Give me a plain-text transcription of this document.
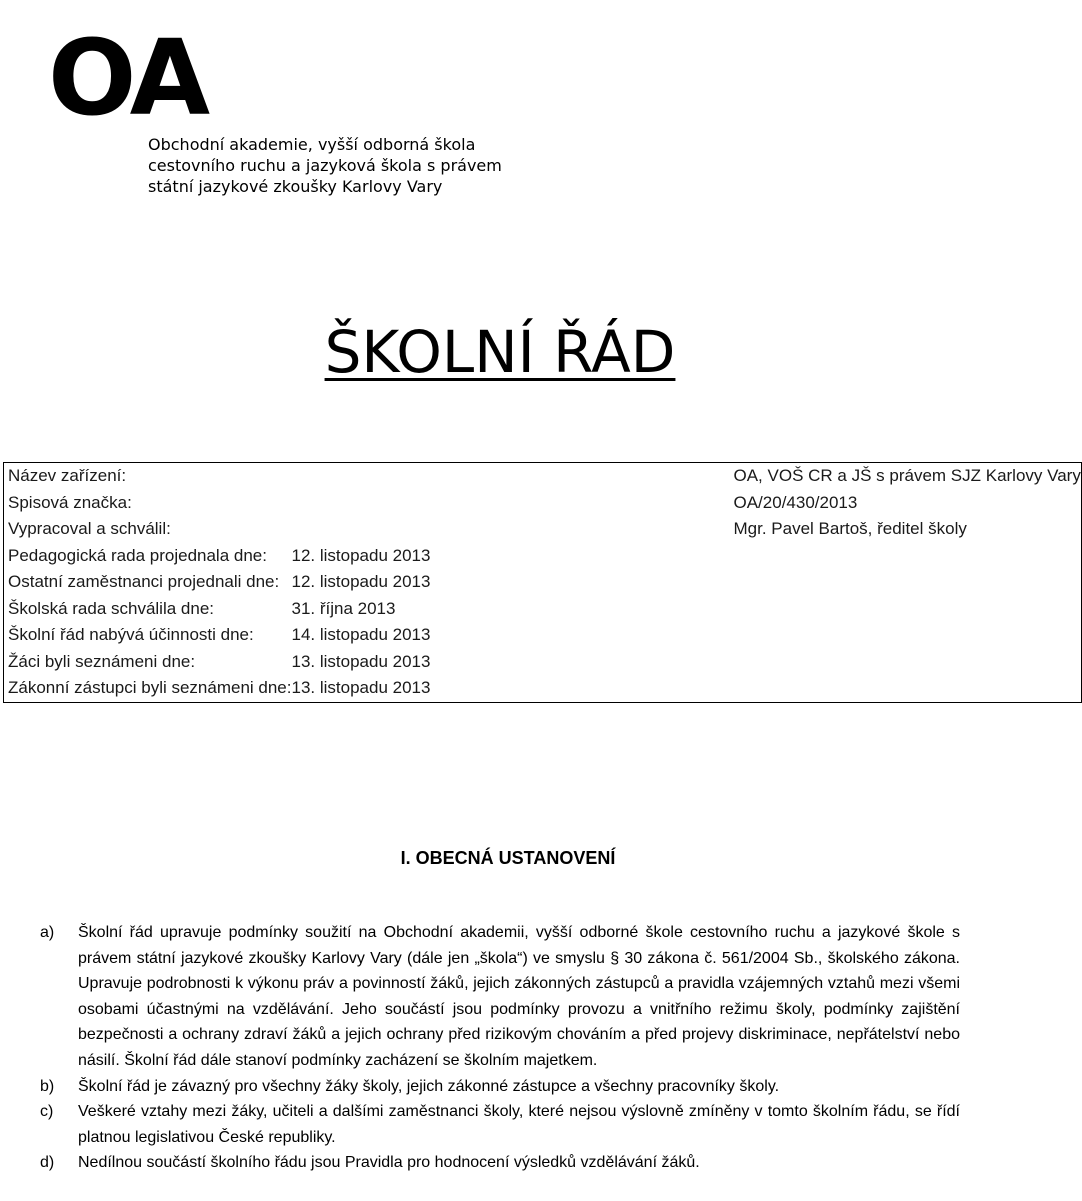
OA
Obchodní akademie, vyšší odborná škola
cestovního ruchu a jazyková škola s právem
státní jazykové zkoušky Karlovy Vary
ŠKOLNÍ ŘÁD
Název zařízení:	OA, VOŠ CR a JŠ s právem SJZ Karlovy Vary
Spisová značka:	OA/20/430/2013
Vypracoval a schválil:	Mgr. Pavel Bartoš, ředitel školy
Pedagogická rada projednala dne:	12. listopadu 2013
Ostatní zaměstnanci projednali dne:	12. listopadu 2013
Školská rada schválila dne:	31. října 2013
Školní řád nabývá účinnosti dne:	14. listopadu 2013
Žáci byli seznámeni dne:	13. listopadu 2013
Zákonní zástupci byli seznámeni dne:	13. listopadu 2013
I. OBECNÁ USTANOVENÍ
a) Školní řád upravuje podmínky soužití na Obchodní akademii, vyšší odborné škole cestovního ruchu a jazykové škole s právem státní jazykové zkoušky Karlovy Vary (dále jen „škola“) ve smyslu § 30 zákona č. 561/2004 Sb., školského zákona. Upravuje podrobnosti k výkonu práv a povinností žáků, jejich zákonných zástupců a pravidla vzájemných vztahů mezi všemi osobami účastnými na vzdělávání. Jeho součástí jsou podmínky provozu a vnitřního režimu školy, podmínky zajištění bezpečnosti a ochrany zdraví žáků a jejich ochrany před rizikovým chováním a před projevy diskriminace, nepřátelství nebo násilí. Školní řád dále stanoví podmínky zacházení se školním majetkem.
b) Školní řád je závazný pro všechny žáky školy, jejich zákonné zástupce a všechny pracovníky školy.
c) Veškeré vztahy mezi žáky, učiteli a dalšími zaměstnanci školy, které nejsou výslovně zmíněny v tomto školním řádu, se řídí platnou legislativou České republiky.
d) Nedílnou součástí školního řádu jsou Pravidla pro hodnocení výsledků vzdělávání žáků.
